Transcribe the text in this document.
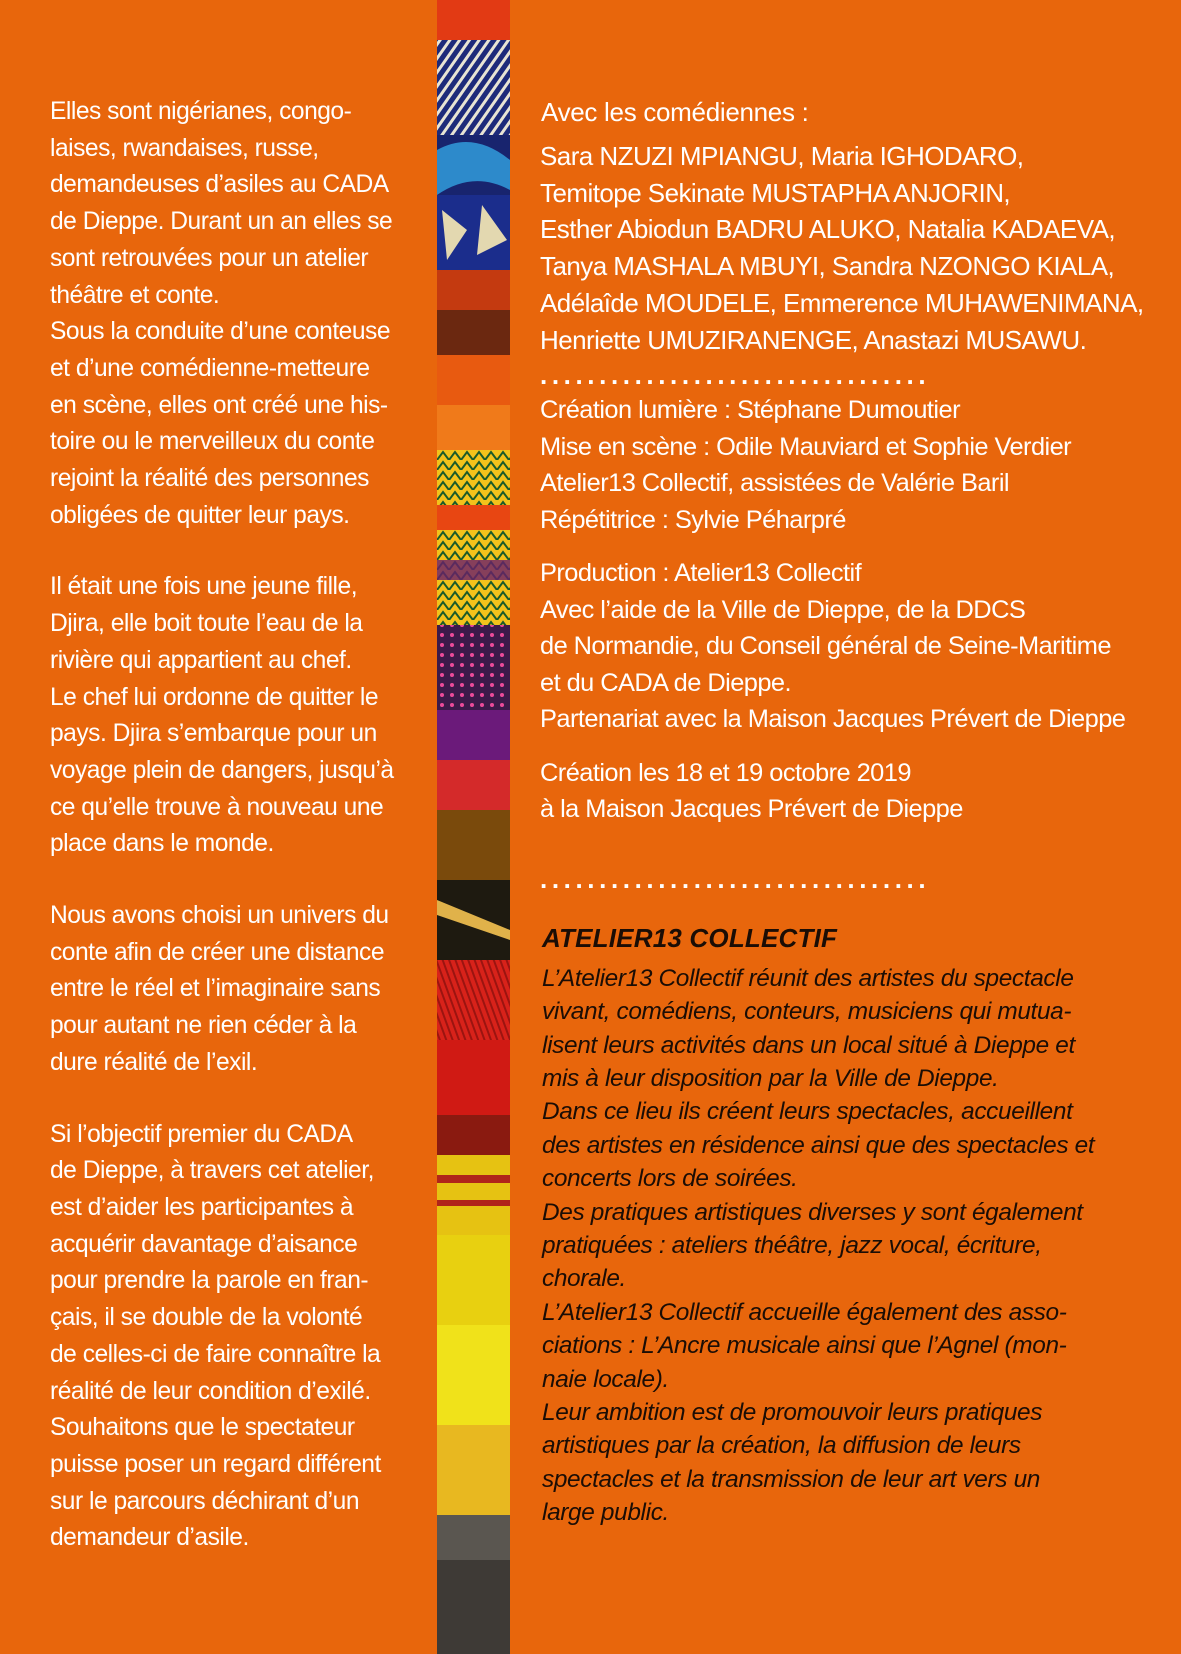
Elles sont nigérianes, congo-
laises, rwandaises, russe,
demandeuses d’asiles au CADA
de Dieppe. Durant un an elles se
sont retrouvées pour un atelier
théâtre et conte.
Sous la conduite d’une conteuse
et d’une comédienne-metteure
en scène, elles ont créé une his-
toire ou le merveilleux du conte
rejoint la réalité des personnes
obligées de quitter leur pays.

Il était une fois une jeune fille,
Djira, elle boit toute l’eau de la
rivière qui appartient au chef.
Le chef lui ordonne de quitter le
pays. Djira s’embarque pour un
voyage plein de dangers, jusqu’à
ce qu’elle trouve à nouveau une
place dans le monde.

Nous avons choisi un univers du
conte afin de créer une distance
entre le réel et l’imaginaire sans
pour autant ne rien céder à la
dure réalité de l’exil.

Si l’objectif premier du CADA
de Dieppe, à travers cet atelier,
est d’aider les participantes à
acquérir davantage d’aisance
pour prendre la parole en fran-
çais, il se double de la volonté
de celles-ci de faire connaître la
réalité de leur condition d’exilé.
Souhaitons que le spectateur
puisse poser un regard différent
sur le parcours déchirant d’un
demandeur d’asile.

Avec les comédiennes :

Sara NZUZI MPIANGU, Maria IGHODARO,
Temitope Sekinate MUSTAPHA ANJORIN,
Esther Abiodun BADRU ALUKO, Natalia KADAEVA,
Tanya MASHALA MBUYI, Sandra NZONGO KIALA,
Adélaîde MOUDELE, Emmerence MUHAWENIMANA,
Henriette UMUZIRANENGE, Anastazi MUSAWU.

.................................

Création lumière : Stéphane Dumoutier
Mise en scène : Odile Mauviard et Sophie Verdier
Atelier13 Collectif, assistées de Valérie Baril
Répétitrice : Sylvie Péharpré

Production : Atelier13 Collectif
Avec l’aide de la Ville de Dieppe, de la DDCS
de Normandie, du Conseil général de Seine-Maritime
et du CADA de Dieppe.
Partenariat avec la Maison Jacques Prévert de Dieppe

Création les 18 et 19 octobre 2019
à la Maison Jacques Prévert de Dieppe

.................................

ATELIER13 COLLECTIF

L’Atelier13 Collectif réunit des artistes du spectacle
vivant, comédiens, conteurs, musiciens qui mutua-
lisent leurs activités dans un local situé à Dieppe et
mis à leur disposition par la Ville de Dieppe.
Dans ce lieu ils créent leurs spectacles, accueillent
des artistes en résidence ainsi que des spectacles et
concerts lors de soirées.
Des pratiques artistiques diverses y sont également
pratiquées : ateliers théâtre, jazz vocal, écriture,
chorale.
L’Atelier13 Collectif accueille également des asso-
ciations : L’Ancre musicale ainsi que l’Agnel (mon-
naie locale).
Leur ambition est de promouvoir leurs pratiques
artistiques par la création, la diffusion de leurs
spectacles et la transmission de leur art vers un
large public.
